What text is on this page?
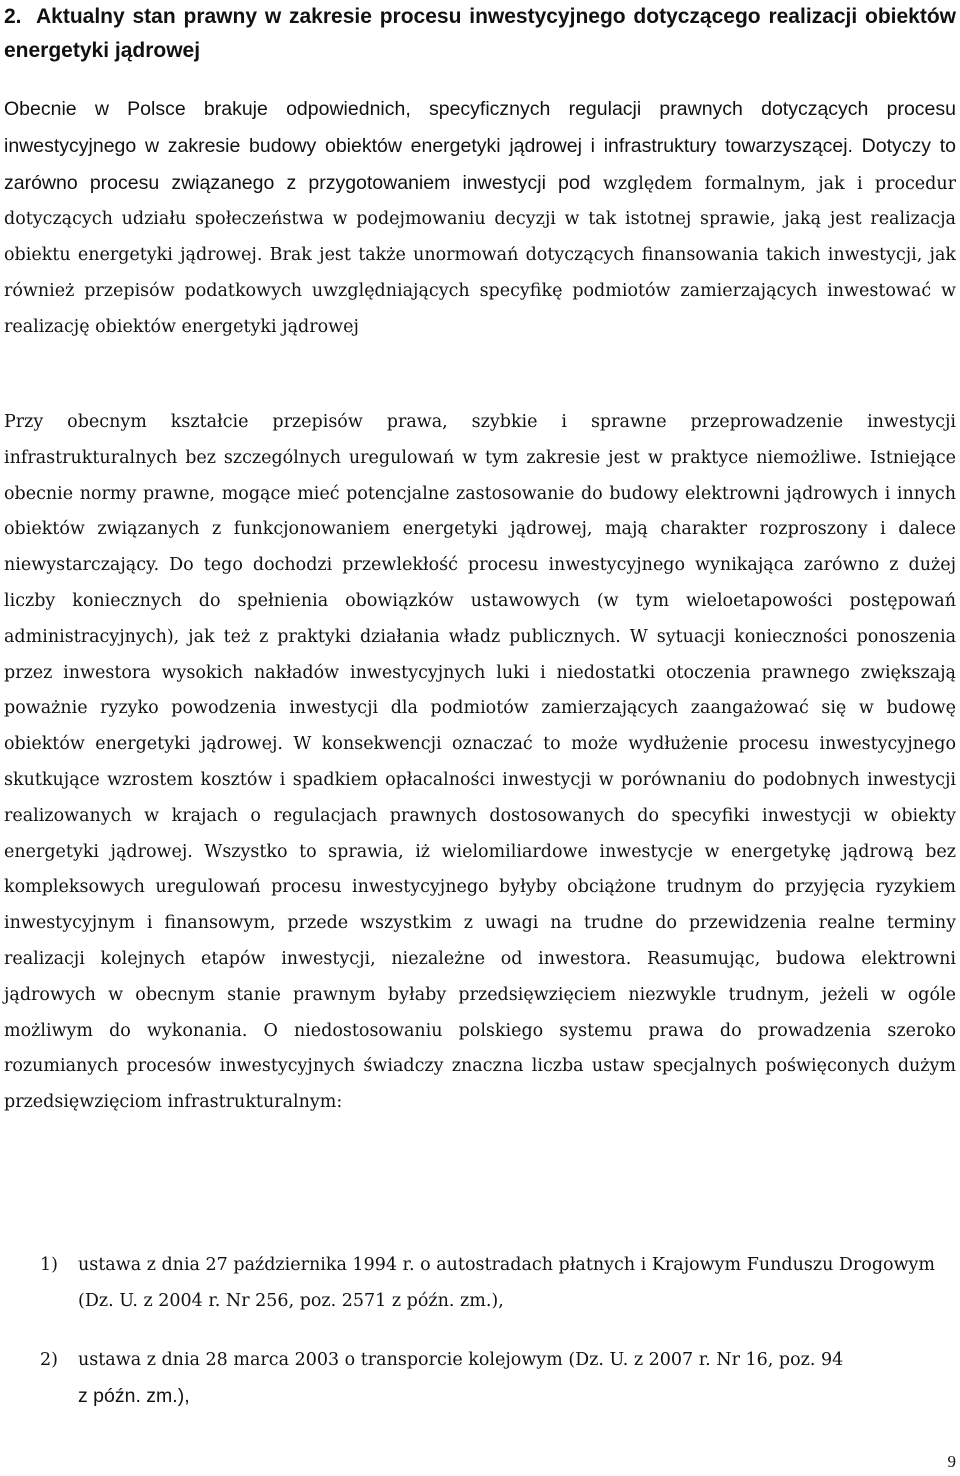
2. Aktualny stan prawny w zakresie procesu inwestycyjnego dotyczącego realizacji obiektów energetyki jądrowej

Obecnie w Polsce brakuje odpowiednich, specyficznych regulacji prawnych dotyczących procesu inwestycyjnego w zakresie budowy obiektów energetyki jądrowej i infrastruktury towarzyszącej. Dotyczy to zarówno procesu związanego z przygotowaniem inwestycji pod względem formalnym, jak i procedur dotyczących udziału społeczeństwa w podejmowaniu decyzji w tak istotnej sprawie, jaką jest realizacja obiektu energetyki jądrowej. Brak jest także unormowań dotyczących finansowania takich inwestycji, jak również przepisów podatkowych uwzględniających specyfikę podmiotów zamierzających inwestować w realizację obiektów energetyki jądrowej

Przy obecnym kształcie przepisów prawa, szybkie i sprawne przeprowadzenie inwestycji infrastrukturalnych bez szczególnych uregulowań w tym zakresie jest w praktyce niemożliwe. Istniejące obecnie normy prawne, mogące mieć potencjalne zastosowanie do budowy elektrowni jądrowych i innych obiektów związanych z funkcjonowaniem energetyki jądrowej, mają charakter rozproszony i dalece niewystarczający. Do tego dochodzi przewlekłość procesu inwestycyjnego wynikająca zarówno z dużej liczby koniecznych do spełnienia obowiązków ustawowych (w tym wieloetapowości postępowań administracyjnych), jak też z praktyki działania władz publicznych. W sytuacji konieczności ponoszenia przez inwestora wysokich nakładów inwestycyjnych luki i niedostatki otoczenia prawnego zwiększają poważnie ryzyko powodzenia inwestycji dla podmiotów zamierzających zaangażować się w budowę obiektów energetyki jądrowej. W konsekwencji oznaczać to może wydłużenie procesu inwestycyjnego skutkujące wzrostem kosztów i spadkiem opłacalności inwestycji w porównaniu do podobnych inwestycji realizowanych w krajach o regulacjach prawnych dostosowanych do specyfiki inwestycji w obiekty energetyki jądrowej. Wszystko to sprawia, iż wielomiliardowe inwestycje w energetykę jądrową bez kompleksowych uregulowań procesu inwestycyjnego byłyby obciążone trudnym do przyjęcia ryzykiem inwestycyjnym i finansowym, przede wszystkim z uwagi na trudne do przewidzenia realne terminy realizacji kolejnych etapów inwestycji, niezależne od inwestora. Reasumując, budowa elektrowni jądrowych w obecnym stanie prawnym byłaby przedsięwzięciem niezwykle trudnym, jeżeli w ogóle możliwym do wykonania. O niedostosowaniu polskiego systemu prawa do prowadzenia szeroko rozumianych procesów inwestycyjnych świadczy znaczna liczba ustaw specjalnych poświęconych dużym przedsięwzięciom infrastrukturalnym:

1) ustawa z dnia 27 października 1994 r. o autostradach płatnych i Krajowym Funduszu Drogowym (Dz. U. z 2004 r. Nr 256, poz. 2571 z późn. zm.),
2) ustawa z dnia 28 marca 2003 o transporcie kolejowym (Dz. U. z 2007 r. Nr 16, poz. 94
z późn. zm.),
9
